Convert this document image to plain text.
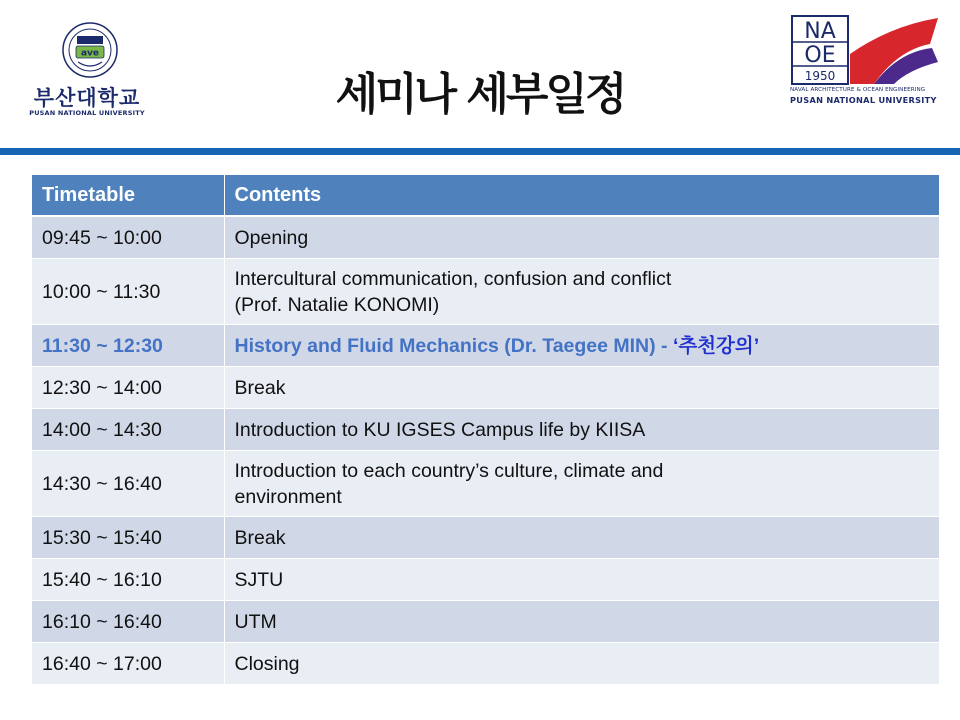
ave
부산대학교
PUSAN NATIONAL UNIVERSITY	세미나 세부일정
NA
OE
1950
NAVAL ARCHITECTURE & OCEAN ENGINEERING
PUSAN NATIONAL UNIVERSITY
Timetable	Contents
09:45 ~ 10:00	Opening

10:00 ~ 11:30	Intercultural communication, confusion and conflict
(Prof. Natalie KONOMI)

11:30 ~ 12:30	History and Fluid Mechanics (Dr. Taegee MIN) - ‘추천강의’
12:30 ~ 14:00	Break

14:00 ~ 14:30	Introduction to KU IGSES Campus life by KIISA

14:30 ~ 16:40	Introduction to each country’s culture, climate and
environment

15:30 ~ 15:40	Break

15:40 ~ 16:10	SJTU

16:10 ~ 16:40	UTM

16:40 ~ 17:00	Closing
